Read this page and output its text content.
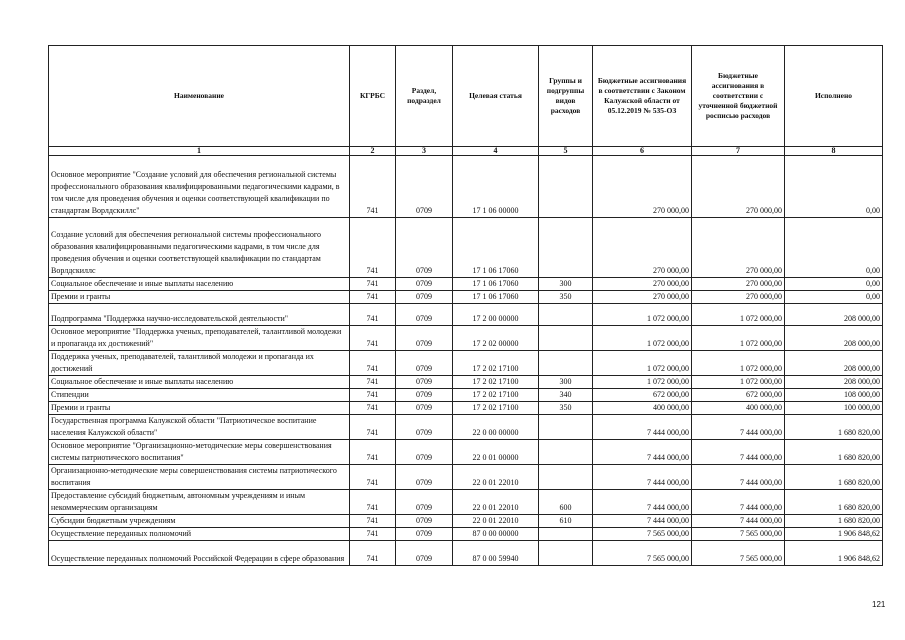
Наименование	КГРБС	Раздел, подраздел	Целевая статья	Группы и подгруппы видов расходов	Бюджетные ассигнования в соответствии с Законом Калужской области от 05.12.2019 № 535-ОЗ	Бюджетные ассигнования в соответствии с уточненной бюджетной росписью расходов	Исполнено
1	2	3	4	5	6	7	8
Основное мероприятие "Создание условий для обеспечения региональной системы профессионального образования квалифицированными педагогическими кадрами, в том числе для проведения обучения и оценки соответствующей квалификации по стандартам Ворлдскиллс"	741	0709	17 1 06 00000		270 000,00	270 000,00	0,00
Создание условий для обеспечения региональной системы профессионального образования квалифицированными педагогическими кадрами, в том числе для проведения обучения и оценки соответствующей квалификации по стандартам Ворлдскиллс	741	0709	17 1 06 17060		270 000,00	270 000,00	0,00
Социальное обеспечение и иные выплаты населению	741	0709	17 1 06 17060	300	270 000,00	270 000,00	0,00
Премии и гранты	741	0709	17 1 06 17060	350	270 000,00	270 000,00	0,00
Подпрограмма "Поддержка научно-исследовательской деятельности"	741	0709	17 2 00 00000		1 072 000,00	1 072 000,00	208 000,00
Основное мероприятие "Поддержка ученых, преподавателей, талантливой молодежи и пропаганда их достижений"	741	0709	17 2 02 00000		1 072 000,00	1 072 000,00	208 000,00
Поддержка ученых, преподавателей, талантливой молодежи и пропаганда их достижений	741	0709	17 2 02 17100		1 072 000,00	1 072 000,00	208 000,00
Социальное обеспечение и иные выплаты населению	741	0709	17 2 02 17100	300	1 072 000,00	1 072 000,00	208 000,00
Стипендии	741	0709	17 2 02 17100	340	672 000,00	672 000,00	108 000,00
Премии и гранты	741	0709	17 2 02 17100	350	400 000,00	400 000,00	100 000,00
Государственная программа Калужской области "Патриотическое воспитание населения Калужской области"	741	0709	22 0 00 00000		7 444 000,00	7 444 000,00	1 680 820,00
Основное мероприятие "Организационно-методические меры совершенствования системы патриотического воспитания"	741	0709	22 0 01 00000		7 444 000,00	7 444 000,00	1 680 820,00
Организационно-методические меры совершенствования системы патриотического воспитания	741	0709	22 0 01 22010		7 444 000,00	7 444 000,00	1 680 820,00
Предоставление субсидий бюджетным, автономным учреждениям и иным некоммерческим организациям	741	0709	22 0 01 22010	600	7 444 000,00	7 444 000,00	1 680 820,00
Субсидии бюджетным учреждениям	741	0709	22 0 01 22010	610	7 444 000,00	7 444 000,00	1 680 820,00
Осуществление переданных полномочий	741	0709	87 0 00 00000		7 565 000,00	7 565 000,00	1 906 848,62
Осуществление переданных полномочий Российской Федерации в сфере образования	741	0709	87 0 00 59940		7 565 000,00	7 565 000,00	1 906 848,62
121
